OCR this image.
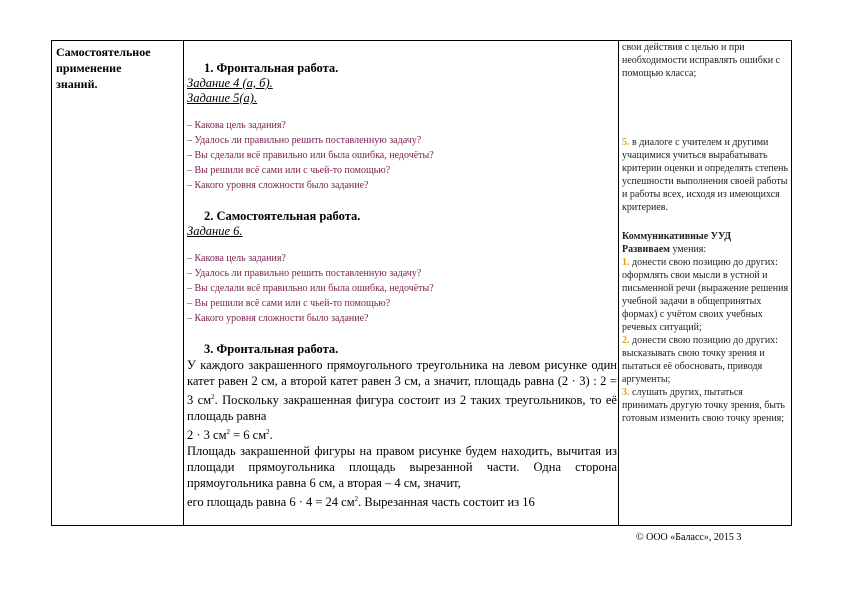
Самостоятельное

применение

знаний.

1. Фронтальная работа.

Задание 4 (а, б).

Задание 5(а).

– Какова цель задания?
– Удалось ли правильно решить поставленную задачу?
– Вы сделали всё правильно или была ошибка, недочёты?
– Вы решили всё сами или с чьей-то помощью?
– Какого уровня сложности было задание?

2. Самостоятельная работа.

Задание 6.

– Какова цель задания?
– Удалось ли правильно решить поставленную задачу?
– Вы сделали всё правильно или была ошибка, недочёты?
– Вы решили всё сами или с чьей-то помощью?
– Какого уровня сложности было задание?

3. Фронтальная работа.

У каждого закрашенного прямоугольного треугольника на левом рисунке один катет равен 2 см, а второй катет равен 3 см, а значит, площадь равна (2 · 3) : 2 = 3 $см^2$. Поскольку закрашенная фигура состоит из 2 таких треугольников, то её площадь равна

2 · 3 $см^2 = 6$ $см^2$.

Площадь закрашенной фигуры на правом рисунке будем находить, вычитая из площади прямоугольника площадь вырезанной части. Одна сторона прямоугольника равна 6 см, а вторая – 4 см, значит,

его площадь равна 6 · 4 = 24 $см^2$. Вырезанная часть состоит из 16

свои действия с целью и при необходимости исправлять ошибки с помощью класса;

5. в диалоге с учителем и другими учащимися учиться вырабатывать критерии оценки и определять степень успешности выполнения своей работы и работы всех, исходя из имеющихся критериев.

Коммуникативные УУД

Развиваем умения:

1. донести свою позицию до других: оформлять свои мысли в устной и письменной речи (выражение решения учебной задачи в общепринятых формах) с учётом своих учебных речевых ситуаций;

2. донести свою позицию до других: высказывать свою точку зрения и пытаться её обосновать, приводя аргументы;

3. слушать других, пытаться принимать другую точку зрения, быть готовым изменить свою точку зрения;

© ООО «Баласс», 2015 3
